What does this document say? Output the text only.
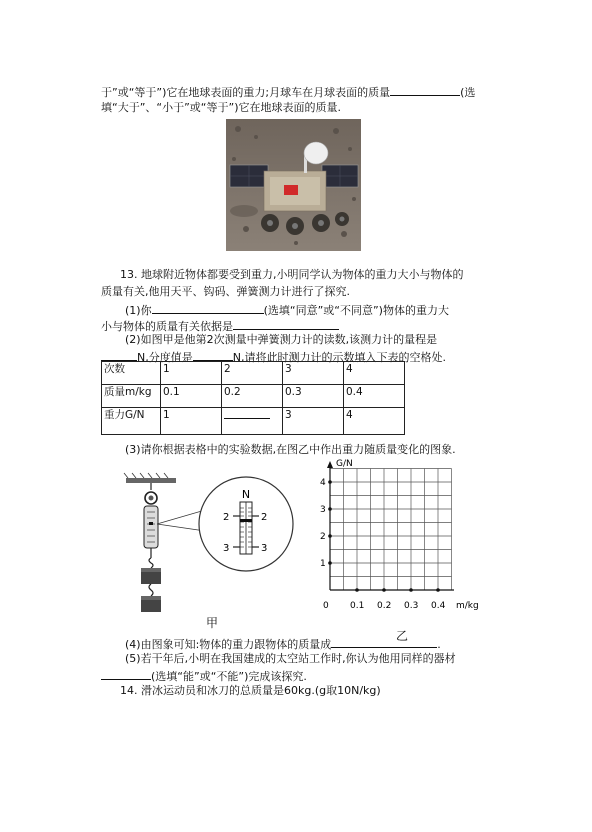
于”或“等于”)它在地球表面的重力;月球车在月球表面的质量	(选
填“大于”、“小于”或“等于”)它在地球表面的质量.
13. 地球附近物体都要受到重力,小明同学认为物体的重力大小与物体的
质量有关,他用天平、钩码、弹簧测力计进行了探究.
(1)你	(选填“同意”或“不同意”)物体的重力大
小与物体的质量有关依据是
(2)如图甲是他第2次测量中弹簧测力计的读数,该测力计的量程是
N,分度值是	N,请将此时测力计的示数填入下表的空格处.
次数	1	2	3	4
质量m/kg	0.1	0.2	0.3	0.4
重力G/N	1		3	4
(3)请你根据表格中的实验数据,在图乙中作出重力随质量变化的图象.
N
2	2
3	3
甲
G/N
m/kg
0
1
2
3
4
0.1 0.2 0.3 0.4
乙
(4)由图象可知:物体的重力跟物体的质量成	.
(5)若干年后,小明在我国建成的太空站工作时,你认为他用同样的器材
(选填“能”或“不能”)完成该探究.
14. 滑冰运动员和冰刀的总质量是60kg.(g取10N/kg)
